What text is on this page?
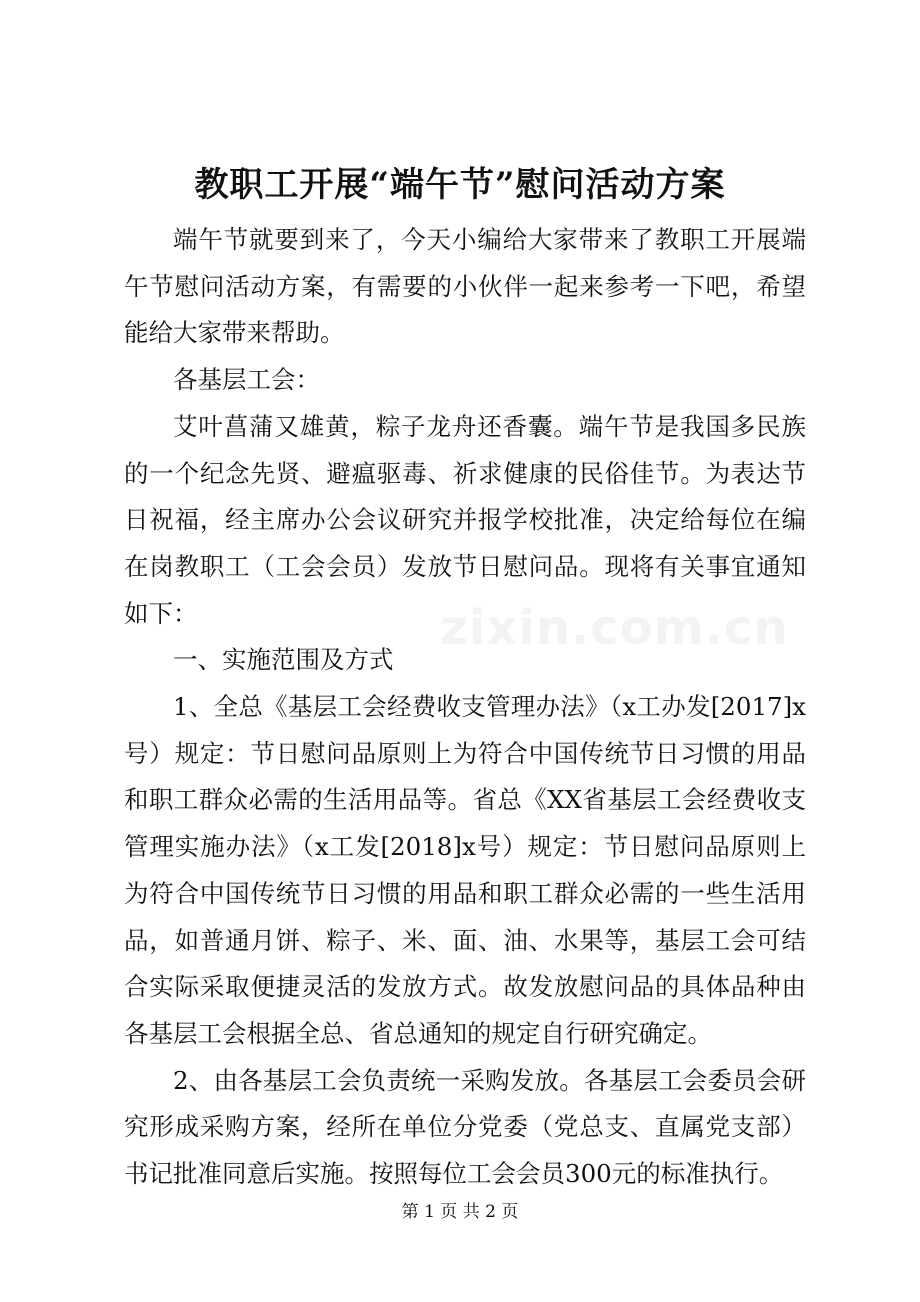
教职工开展“端午节”慰问活动方案

端午节就要到来了，今天小编给大家带来了教职工开展端午节慰问活动方案，有需要的小伙伴一起来参考一下吧，希望能给大家带来帮助。

各基层工会：

艾叶菖蒲又雄黄，粽子龙舟还香囊。端午节是我国多民族的一个纪念先贤、避瘟驱毒、祈求健康的民俗佳节。为表达节日祝福，经主席办公会议研究并报学校批准，决定给每位在编在岗教职工（工会会员）发放节日慰问品。现将有关事宜通知如下：

一、实施范围及方式

1、全总《基层工会经费收支管理办法》（x工办发[2017]x号）规定：节日慰问品原则上为符合中国传统节日习惯的用品和职工群众必需的生活用品等。省总《XX省基层工会经费收支管理实施办法》（x工发[2018]x号）规定：节日慰问品原则上为符合中国传统节日习惯的用品和职工群众必需的一些生活用品，如普通月饼、粽子、米、面、油、水果等，基层工会可结合实际采取便捷灵活的发放方式。故发放慰问品的具体品种由各基层工会根据全总、省总通知的规定自行研究确定。

2、由各基层工会负责统一采购发放。各基层工会委员会研究形成采购方案，经所在单位分党委（党总支、直属党支部）书记批准同意后实施。按照每位工会会员300元的标准执行。

zixin.com.cn
第 1 页 共 2 页
